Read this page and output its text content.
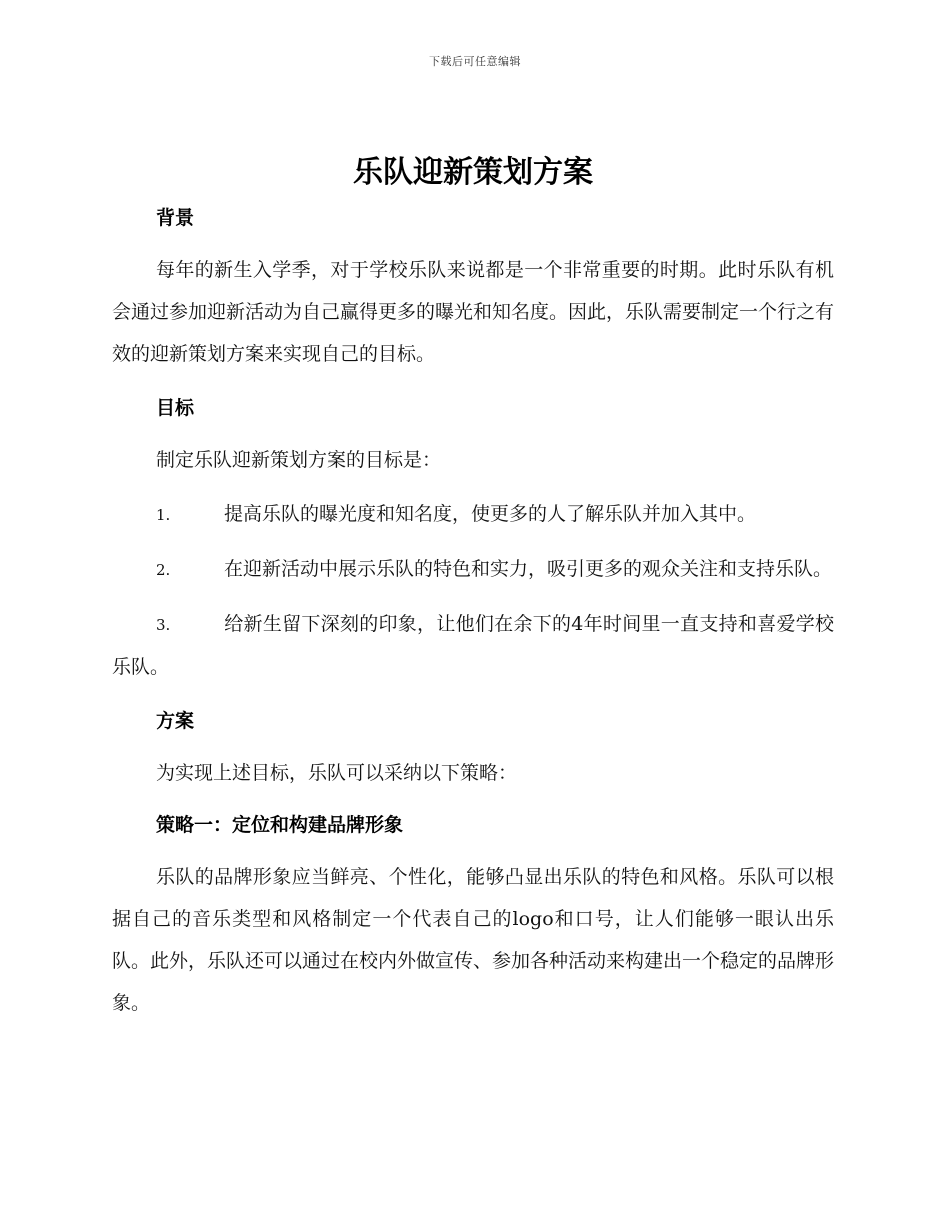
下载后可任意编辑
乐队迎新策划方案

背景

每年的新生入学季，对于学校乐队来说都是一个非常重要的时期。此时乐队有机会通过参加迎新活动为自己赢得更多的曝光和知名度。因此，乐队需要制定一个行之有效的迎新策划方案来实现自己的目标。

目标

制定乐队迎新策划方案的目标是：

1.	提高乐队的曝光度和知名度，使更多的人了解乐队并加入其中。

2.	在迎新活动中展示乐队的特色和实力，吸引更多的观众关注和支持乐队。

3.	给新生留下深刻的印象，让他们在余下的4年时间里一直支持和喜爱学校乐队。

方案

为实现上述目标，乐队可以采纳以下策略：

策略一：定位和构建品牌形象

乐队的品牌形象应当鲜亮、个性化，能够凸显出乐队的特色和风格。乐队可以根据自己的音乐类型和风格制定一个代表自己的logo和口号，让人们能够一眼认出乐队。此外，乐队还可以通过在校内外做宣传、参加各种活动来构建出一个稳定的品牌形象。
